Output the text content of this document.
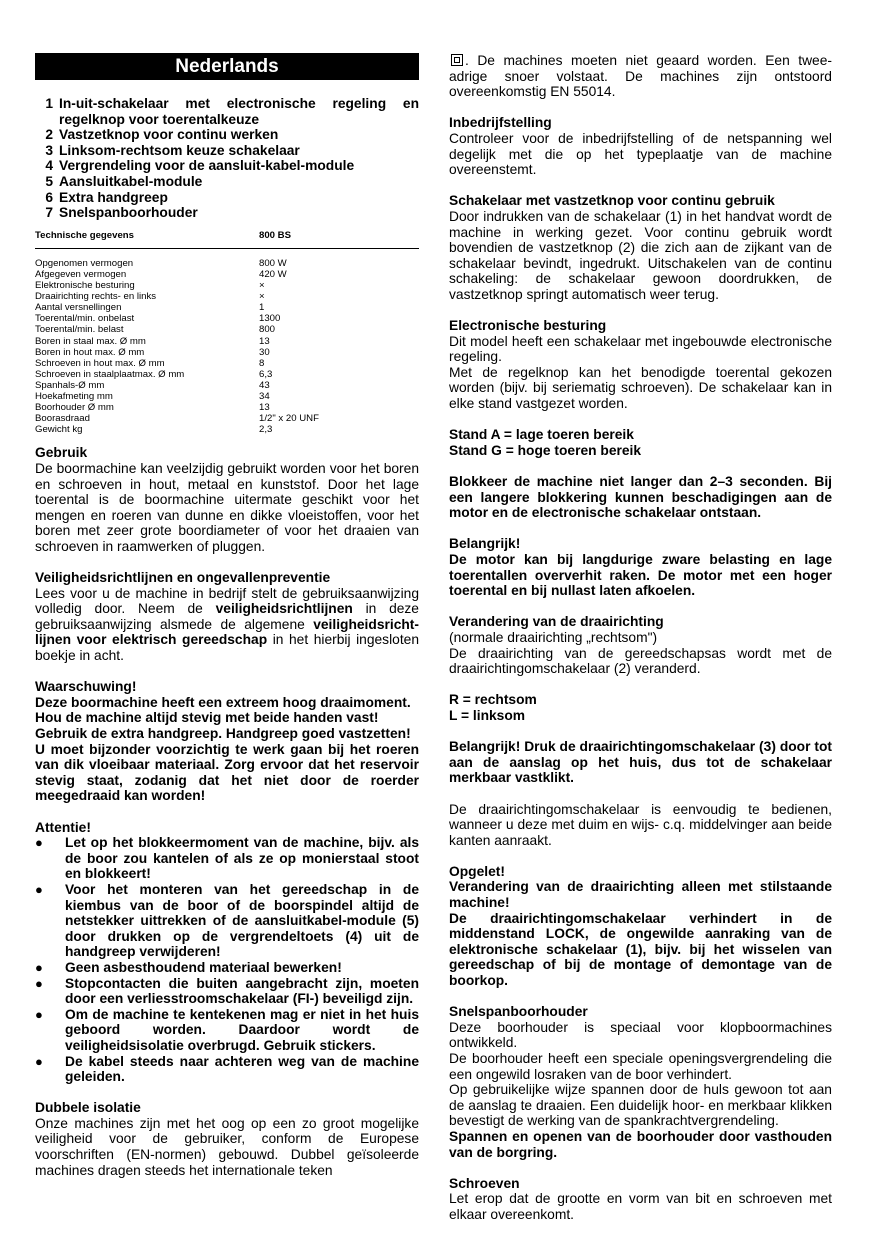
Nederlands
1 In-uit-schakelaar met electronische regeling en regelknop voor toerentalkeuze
2 Vastzetknop voor continu werken
3 Linksom-rechtsom keuze schakelaar
4 Vergrendeling voor de aansluit-kabel-module
5 Aansluitkabel-module
6 Extra handgreep
7 Snelspanboorhouder
Technische gegevens	800 BS
Opgenomen vermogen	800 W
Afgegeven vermogen	420 W
Elektronische besturing	×
Draairichting rechts- en links	×
Aantal versnellingen	1
Toerental/min. onbelast	1300
Toerental/min. belast	800
Boren in staal max. Ø mm	13
Boren in hout max. Ø mm	30
Schroeven in hout max. Ø mm	8
Schroeven in staalplaatmax. Ø mm	6,3
Spanhals-Ø mm	43
Hoekafmeting mm	34
Boorhouder Ø mm	13
Boorasdraad	1/2" x 20 UNF
Gewicht kg	2,3
Gebruik
De boormachine kan veelzijdig gebruikt worden voor het boren en schroeven in hout, metaal en kunststof. Door het lage toerental is de boormachine uitermate geschikt voor het mengen en roeren van dunne en dikke vloeistoffen, voor het boren met zeer grote boordiameter of voor het draaien van schroeven in raamwerken of pluggen.
Veiligheidsrichtlijnen en ongevallenpreventie
Lees voor u de machine in bedrijf stelt de gebruiksaanwijzing volledig door. Neem de veiligheidsrichtlijnen in deze gebruiksaanwijzing alsmede de algemene veiligheidsricht-lijnen voor elektrisch gereedschap in het hierbij ingesloten boekje in acht.
Waarschuwing!
Deze boormachine heeft een extreem hoog draaimoment.
Hou de machine altijd stevig met beide handen vast!
Gebruik de extra handgreep. Handgreep goed vastzetten!
U moet bijzonder voorzichtig te werk gaan bij het roeren van dik vloeibaar materiaal. Zorg ervoor dat het reservoir stevig staat, zodanig dat het niet door de roerder meegedraaid kan worden!
Attentie!
●	Let op het blokkeermoment van de machine, bijv. als de boor zou kantelen of als ze op monierstaal stoot en blokkeert!
●	Voor het monteren van het gereedschap in de kiembus van de boor of de boorspindel altijd de netstekker uittrekken of de aansluitkabel-module (5) door drukken op de vergrendeltoets (4) uit de handgreep verwijderen!
●	Geen asbesthoudend materiaal bewerken!
●	Stopcontacten die buiten aangebracht zijn, moeten door een verliesstroomschakelaar (FI-) beveiligd zijn.
●	Om de machine te kentekenen mag er niet in het huis geboord worden. Daardoor wordt de veiligheidsisolatie overbrugd. Gebruik stickers.
●	De kabel steeds naar achteren weg van de machine geleiden.
Dubbele isolatie
Onze machines zijn met het oog op een zo groot mogelijke veiligheid voor de gebruiker, conform de Europese voorschriften (EN-normen) gebouwd. Dubbel geïsoleerde machines dragen steeds het internationale teken
. De machines moeten niet geaard worden. Een twee-adrige snoer volstaat. De machines zijn ontstoord overeenkomstig EN 55014.
Inbedrijfstelling
Controleer voor de inbedrijfstelling of de netspanning wel degelijk met die op het typeplaatje van de machine overeenstemt.
Schakelaar met vastzetknop voor continu gebruik
Door indrukken van de schakelaar (1) in het handvat wordt de machine in werking gezet. Voor continu gebruik wordt bovendien de vastzetknop (2) die zich aan de zijkant van de schakelaar bevindt, ingedrukt. Uitschakelen van de continu schakeling: de schakelaar gewoon doordrukken, de vastzetknop springt automatisch weer terug.
Electronische besturing
Dit model heeft een schakelaar met ingebouwde electronische regeling.
Met de regelknop kan het benodigde toerental gekozen worden (bijv. bij seriematig schroeven). De schakelaar kan in elke stand vastgezet worden.
Stand A = lage toeren bereik
Stand G = hoge toeren bereik
Blokkeer de machine niet langer dan 2–3 seconden. Bij een langere blokkering kunnen beschadigingen aan de motor en de electronische schakelaar ontstaan.
Belangrijk!
De motor kan bij langdurige zware belasting en lage toerentallen oververhit raken. De motor met een hoger toerental en bij nullast laten afkoelen.
Verandering van de draairichting
(normale draairichting „rechtsom")
De draairichting van de gereedschapsas wordt met de draairichtingomschakelaar (2) veranderd.
R = rechtsom
L = linksom
Belangrijk! Druk de draairichtingomschakelaar (3) door tot aan de aanslag op het huis, dus tot de schakelaar merkbaar vastklikt.
De draairichtingomschakelaar is eenvoudig te bedienen, wanneer u deze met duim en wijs- c.q. middelvinger aan beide kanten aanraakt.
Opgelet!
Verandering van de draairichting alleen met stilstaande machine!
De draairichtingomschakelaar verhindert in de middenstand LOCK, de ongewilde aanraking van de elektronische schakelaar (1), bijv. bij het wisselen van gereedschap of bij de montage of demontage van de boorkop.
Snelspanboorhouder
Deze boorhouder is speciaal voor klopboormachines ontwikkeld.
De boorhouder heeft een speciale openingsvergrendeling die een ongewild losraken van de boor verhindert.
Op gebruikelijke wijze spannen door de huls gewoon tot aan de aanslag te draaien. Een duidelijk hoor- en merkbaar klikken bevestigt de werking van de spankrachtvergrendeling.
Spannen en openen van de boorhouder door vasthouden van de borgring.
Schroeven
Let erop dat de grootte en vorm van bit en schroeven met elkaar overeenkomt.
